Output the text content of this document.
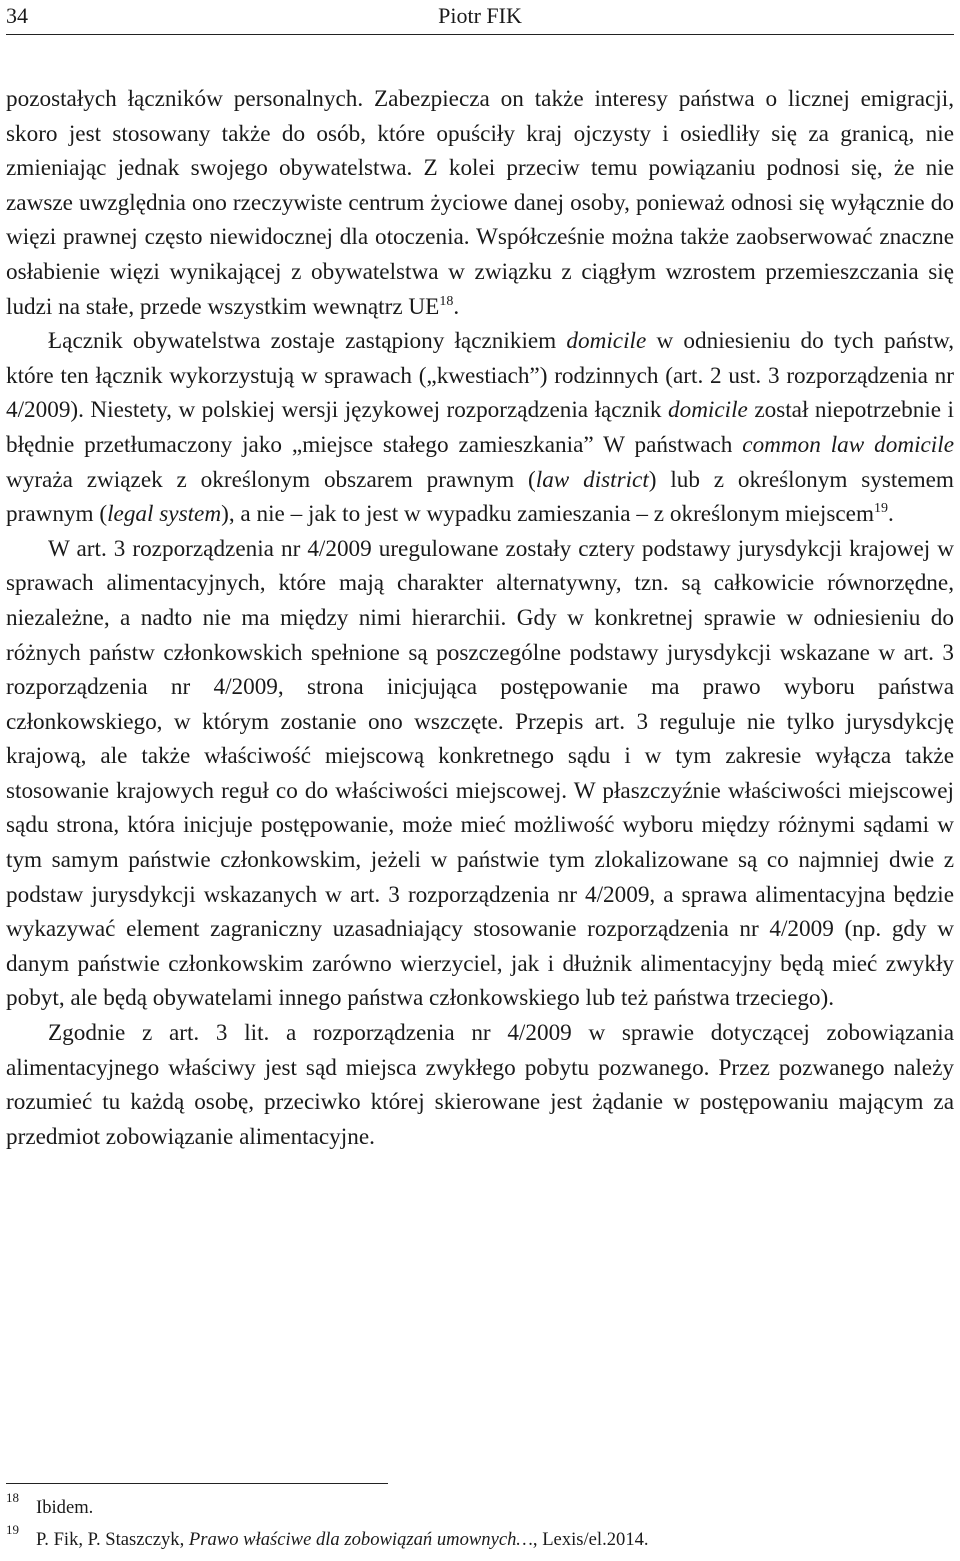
34	Piotr FIK

pozostałych łączników personalnych. Zabezpiecza on także interesy państwa o licznej emigracji, skoro jest stosowany także do osób, które opuściły kraj ojczysty i osiedliły się za granicą, nie zmieniając jednak swojego obywatelstwa. Z kolei przeciw temu powiązaniu podnosi się, że nie zawsze uwzględnia ono rzeczywiste centrum życiowe danej osoby, ponieważ odnosi się wyłącznie do więzi prawnej często niewidocznej dla otoczenia. Współcześnie można także zaobserwować znaczne osłabienie więzi wynikającej z obywatelstwa w związku z ciągłym wzrostem przemieszczania się ludzi na stałe, przede wszystkim wewnątrz UE$^{18}$.

Łącznik obywatelstwa zostaje zastąpiony łącznikiem domicile w odniesieniu do tych państw, które ten łącznik wykorzystują w sprawach („kwestiach”) rodzinnych (art. 2 ust. 3 rozporządzenia nr 4/2009). Niestety, w polskiej wersji językowej rozporządzenia łącznik domicile został niepotrzebnie i błędnie przetłumaczony jako „miejsce stałego zamieszkania” W państwach common law domicile wyraża związek z określonym obszarem prawnym (law district) lub z określonym systemem prawnym (legal system), a nie – jak to jest w wypadku zamieszania – z określonym miejscem$^{19}$.

W art. 3 rozporządzenia nr 4/2009 uregulowane zostały cztery podstawy jurysdykcji krajowej w sprawach alimentacyjnych, które mają charakter alternatywny, tzn. są całkowicie równorzędne, niezależne, a nadto nie ma między nimi hierarchii. Gdy w konkretnej sprawie w odniesieniu do różnych państw członkowskich spełnione są poszczególne podstawy jurysdykcji wskazane w art. 3 rozporządzenia nr 4/2009, strona inicjująca postępowanie ma prawo wyboru państwa członkowskiego, w którym zostanie ono wszczęte. Przepis art. 3 reguluje nie tylko jurysdykcję krajową, ale także właściwość miejscową konkretnego sądu i w tym zakresie wyłącza także stosowanie krajowych reguł co do właściwości miejscowej. W płaszczyźnie właściwości miejscowej sądu strona, która inicjuje postępowanie, może mieć możliwość wyboru między różnymi sądami w tym samym państwie członkowskim, jeżeli w państwie tym zlokalizowane są co najmniej dwie z podstaw jurysdykcji wskazanych w art. 3 rozporządzenia nr 4/2009, a sprawa alimentacyjna będzie wykazywać element zagraniczny uzasadniający stosowanie rozporządzenia nr 4/2009 (np. gdy w danym państwie członkowskim zarówno wierzyciel, jak i dłużnik alimentacyjny będą mieć zwykły pobyt, ale będą obywatelami innego państwa członkowskiego lub też państwa trzeciego).

Zgodnie z art. 3 lit. a rozporządzenia nr 4/2009 w sprawie dotyczącej zobowiązania alimentacyjnego właściwy jest sąd miejsca zwykłego pobytu pozwanego. Przez pozwanego należy rozumieć tu każdą osobę, przeciwko której skierowane jest żądanie w postępowaniu mającym za przedmiot zobowiązanie alimentacyjne.

18 Ibidem.
19 P. Fik, P. Staszczyk, Prawo właściwe dla zobowiązań umownych…, Lexis/el.2014.
